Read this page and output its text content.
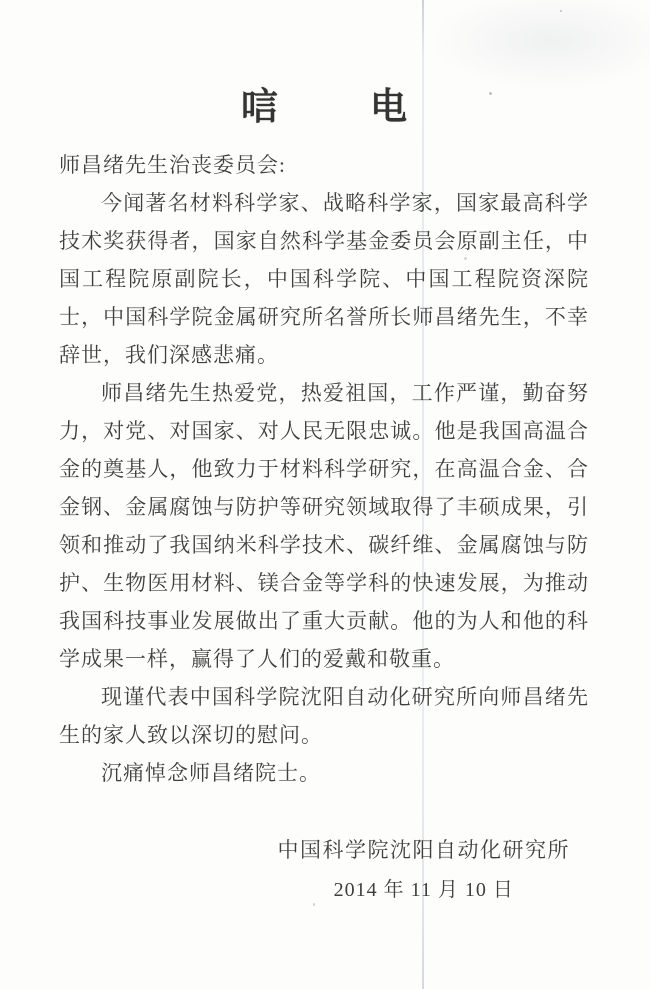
唁 电

师昌绪先生治丧委员会:

今闻著名材料科学家、战略科学家，国家最高科学技术奖获得者，国家自然科学基金委员会原副主任，中国工程院原副院长，中国科学院、中国工程院资深院士，中国科学院金属研究所名誉所长师昌绪先生，不幸辞世，我们深感悲痛。

师昌绪先生热爱党，热爱祖国，工作严谨，勤奋努力，对党、对国家、对人民无限忠诚。他是我国高温合金的奠基人，他致力于材料科学研究，在高温合金、合金钢、金属腐蚀与防护等研究领域取得了丰硕成果，引领和推动了我国纳米科学技术、碳纤维、金属腐蚀与防护、生物医用材料、镁合金等学科的快速发展，为推动我国科技事业发展做出了重大贡献。他的为人和他的科学成果一样，赢得了人们的爱戴和敬重。

现谨代表中国科学院沈阳自动化研究所向师昌绪先生的家人致以深切的慰问。

沉痛悼念师昌绪院士。

中国科学院沈阳自动化研究所

2014 年 11 月 10 日
